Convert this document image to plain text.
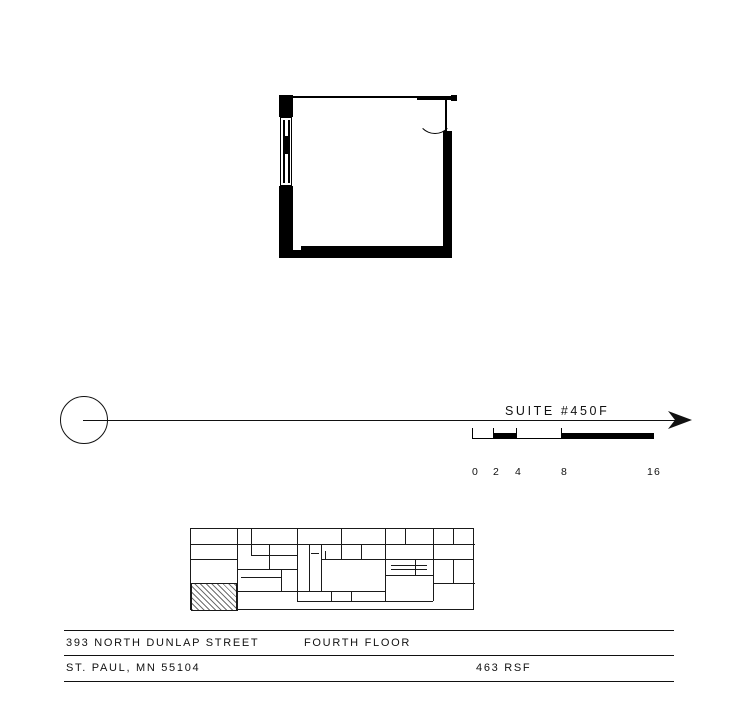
SUITE #450F
0 2 4	8	16
393 NORTH DUNLAP STREET	FOURTH FLOOR
ST. PAUL, MN 55104	463 RSF
